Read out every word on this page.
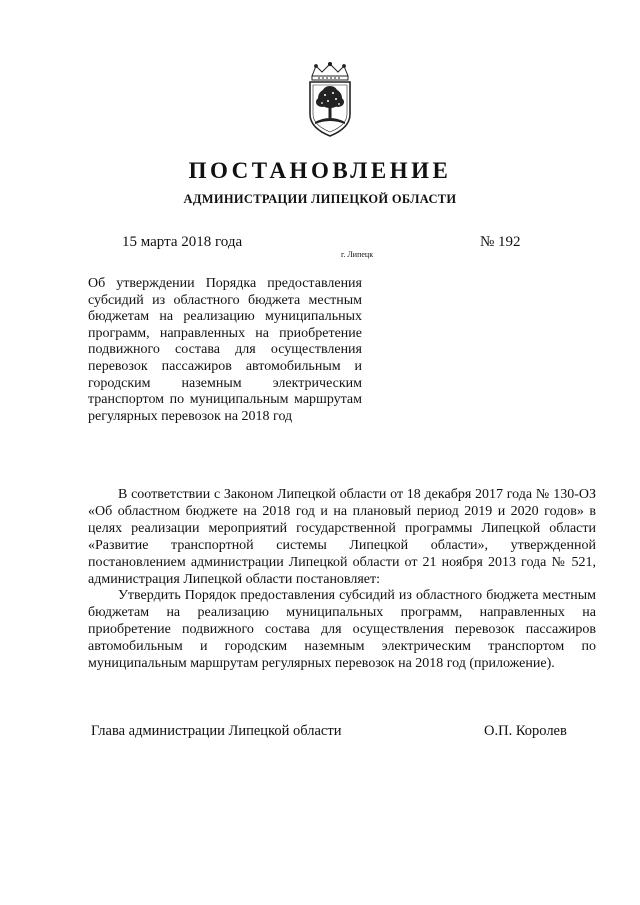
ПОСТАНОВЛЕНИЕ
АДМИНИСТРАЦИИ ЛИПЕЦКОЙ ОБЛАСТИ
15 марта 2018 года
г. Липецк
№ 192
Об утверждении Порядка предоставления субсидий из областного бюджета местным бюджетам на реализацию муниципальных программ, направленных на приобретение подвижного состава для осуществления перевозок пассажиров автомобильным и городским наземным электрическим транспортом по муниципальным маршрутам регулярных перевозок на 2018 год

В соответствии с Законом Липецкой области от 18 декабря 2017 года № 130-ОЗ «Об областном бюджете на 2018 год и на плановый период 2019 и 2020 годов» в целях реализации мероприятий государственной программы Липецкой области «Развитие транспортной системы Липецкой области», утвержденной постановлением администрации Липецкой области от 21 ноября 2013 года № 521, администрация Липецкой области постановляет:

Утвердить Порядок предоставления субсидий из областного бюджета местным бюджетам на реализацию муниципальных программ, направленных на приобретение подвижного состава для осуществления перевозок пассажиров автомобильным и городским наземным электрическим транспортом по муниципальным маршрутам регулярных перевозок на 2018 год (приложение).

Глава администрации Липецкой области	О.П. Королев
